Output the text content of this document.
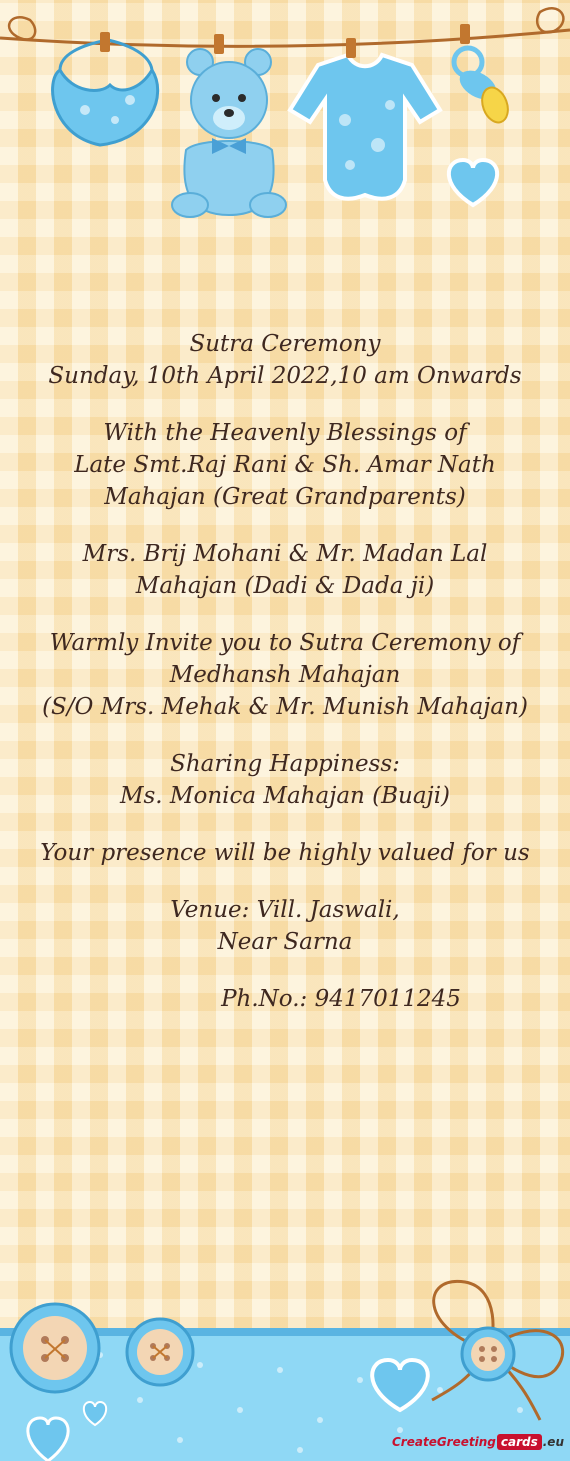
Sutra Ceremony
Sunday, 10th April 2022,10 am Onwards
With the Heavenly Blessings of
Late Smt.Raj Rani & Sh. Amar Nath
Mahajan (Great Grandparents)
Mrs. Brij Mohani & Mr. Madan Lal
Mahajan (Dadi & Dada ji)
Warmly Invite you to Sutra Ceremony of
Medhansh Mahajan
(S/O Mrs. Mehak & Mr. Munish Mahajan)
Sharing Happiness:
Ms. Monica Mahajan (Buaji)
Your presence will be highly valued for us
Venue: Vill. Jaswali,
Near Sarna
Ph.No.: 9417011245
CreateGreeting cards .eu
